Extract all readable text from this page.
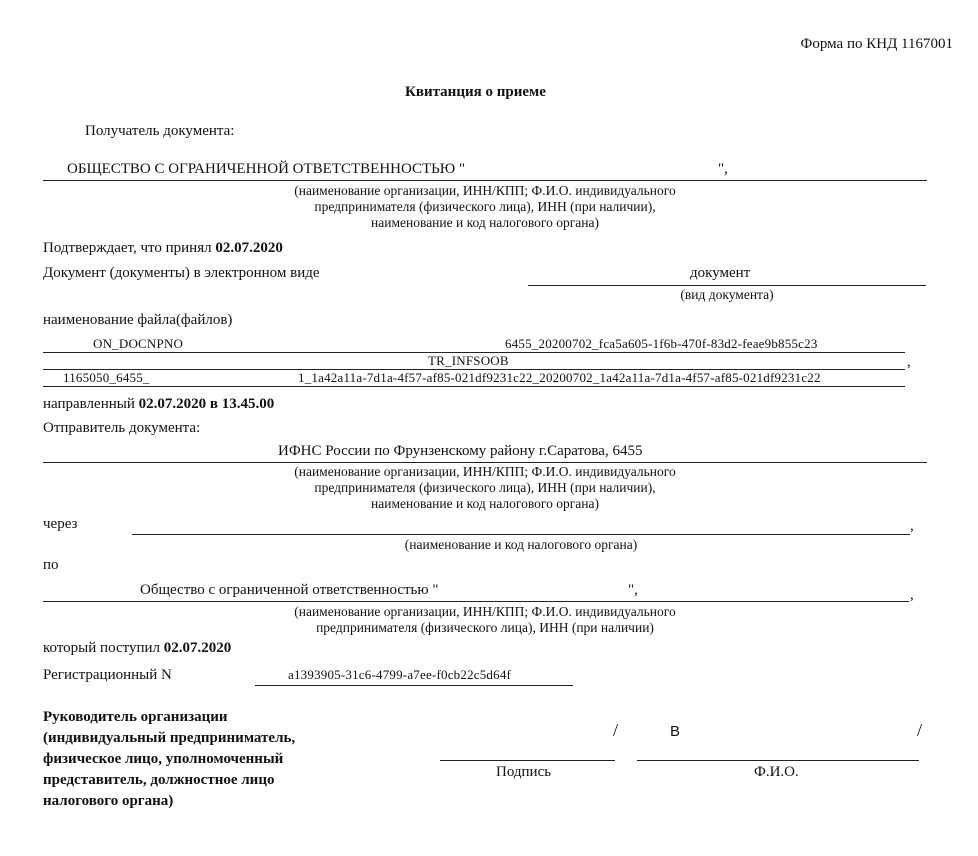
Форма по КНД 1167001
Квитанция о приеме
Получатель документа:
ОБЩЕСТВО С ОГРАНИЧЕННОЙ ОТВЕТСТВЕННОСТЬЮ "	",
(наименование организации, ИНН/КПП; Ф.И.О. индивидуального
предпринимателя (физического лица), ИНН (при наличии),
наименование и код налогового органа)
Подтверждает, что принял 02.07.2020
Документ (документы) в электронном виде	документ
(вид документа)
наименование файла(файлов)
ON_DOCNPNO	6455_20200702_fca5a605-1f6b-470f-83d2-feae9b855c23
TR_INFSOOB	,
1165050_6455_	1_1a42a11a-7d1a-4f57-af85-021df9231c22_20200702_1a42a11a-7d1a-4f57-af85-021df9231c22
направленный 02.07.2020 в 13.45.00
Отправитель документа:
ИФНС России по Фрунзенскому району г.Саратова, 6455
(наименование организации, ИНН/КПП; Ф.И.О. индивидуального
предпринимателя (физического лица), ИНН (при наличии),
наименование и код налогового органа)
через	,
(наименование и код налогового органа)
по
Общество с ограниченной ответственностью "	",	,
(наименование организации, ИНН/КПП; Ф.И.О. индивидуального
предпринимателя (физического лица), ИНН (при наличии)
который поступил 02.07.2020
Регистрационный N	a1393905-31c6-4799-a7ee-f0cb22c5d64f
Руководитель организации
(индивидуальный предприниматель,
физическое лицо, уполномоченный
представитель, должностное лицо
налогового органа)
/	В	/
Подпись	Ф.И.О.
